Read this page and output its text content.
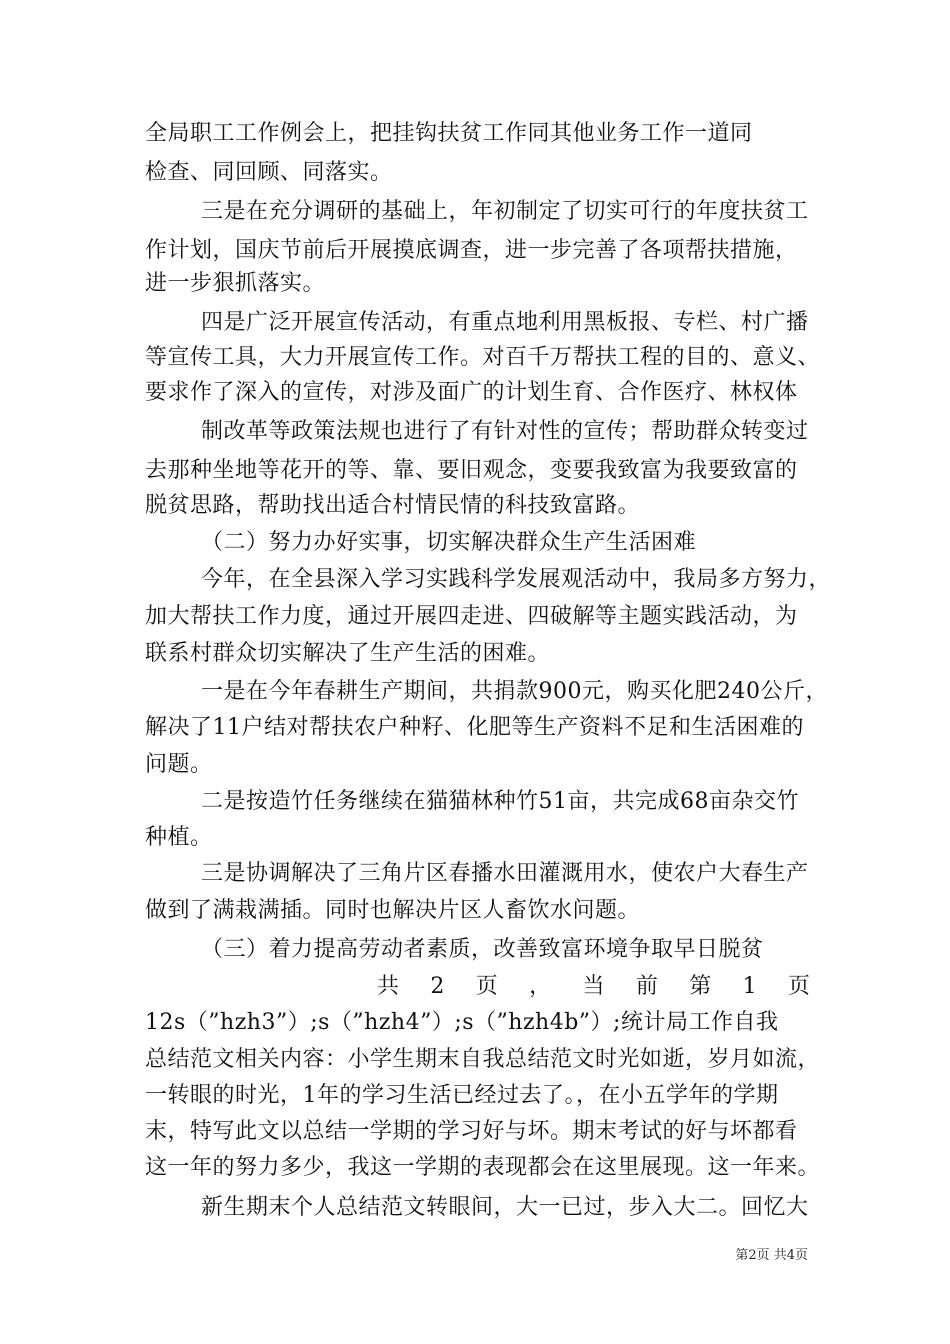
全局职工工作例会上，把挂钩扶贫工作同其他业务工作一道同
检查、同回顾、同落实。
三是在充分调研的基础上，年初制定了切实可行的年度扶贫工
作计划，国庆节前后开展摸底调查，进一步完善了各项帮扶措施，
进一步狠抓落实。
四是广泛开展宣传活动，有重点地利用黑板报、专栏、村广播
等宣传工具，大力开展宣传工作。对百千万帮扶工程的目的、意义、
要求作了深入的宣传，对涉及面广的计划生育、合作医疗、林权体
制改革等政策法规也进行了有针对性的宣传；帮助群众转变过
去那种坐地等花开的等、靠、要旧观念，变要我致富为我要致富的
脱贫思路，帮助找出适合村情民情的科技致富路。
（二）努力办好实事，切实解决群众生产生活困难
今年，在全县深入学习实践科学发展观活动中，我局多方努力，
加大帮扶工作力度，通过开展四走进、四破解等主题实践活动，为
联系村群众切实解决了生产生活的困难。
一是在今年春耕生产期间，共捐款900元，购买化肥240公斤，
解决了11户结对帮扶农户种籽、化肥等生产资料不足和生活困难的
问题。
二是按造竹任务继续在猫猫林种竹51亩，共完成68亩杂交竹
种植。
三是协调解决了三角片区春播水田灌溉用水，使农户大春生产
做到了满栽满插。同时也解决片区人畜饮水问题。
（三）着力提高劳动者素质，改善致富环境争取早日脱贫
共 2 页 ， 当 前 第 1 页
12s（”hzh3”）;s（”hzh4”）;s（”hzh4b”）;统计局工作自我
总结范文相关内容：小学生期末自我总结范文时光如逝，岁月如流，
一转眼的时光，1年的学习生活已经过去了。，在小五学年的学期
末，特写此文以总结一学期的学习好与坏。期末考试的好与坏都看
这一年的努力多少，我这一学期的表现都会在这里展现。这一年来。
新生期末个人总结范文转眼间，大一已过，步入大二。回忆大
第2页 共4页
